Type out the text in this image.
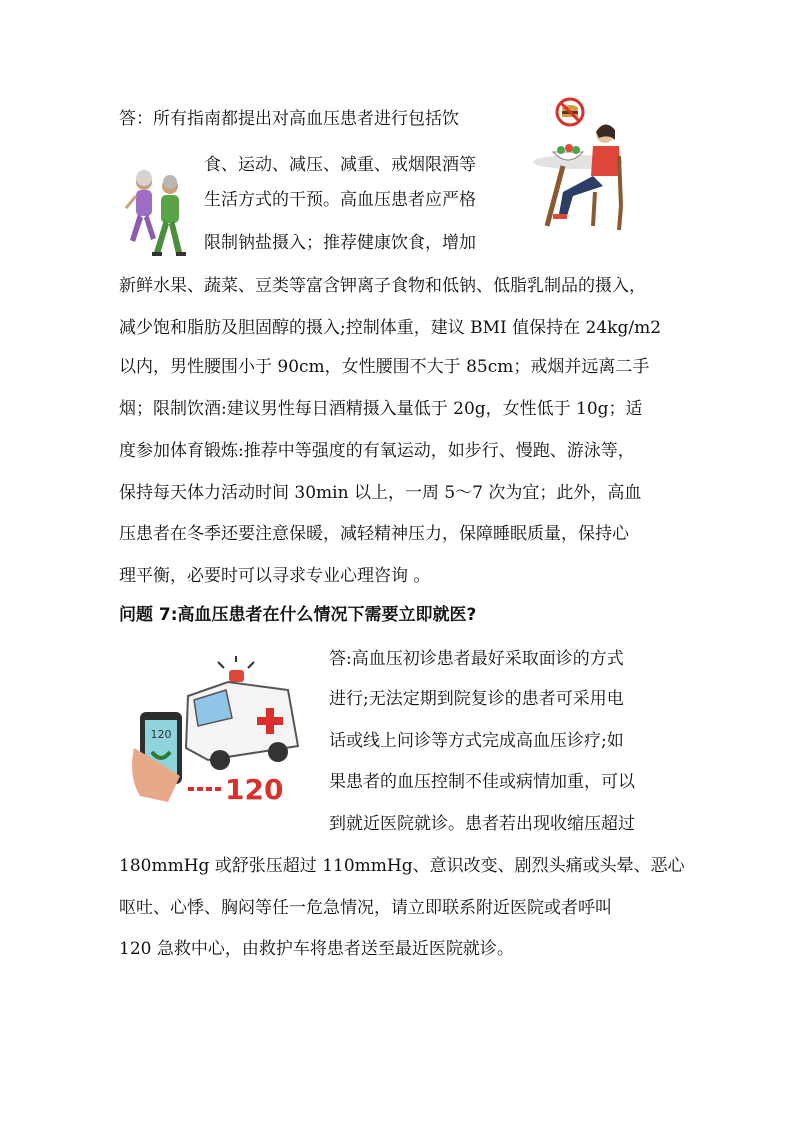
答：所有指南都提出对高血压患者进行包括饮
食、运动、减压、减重、戒烟限酒等
生活方式的干预。高血压患者应严格
限制钠盐摄入；推荐健康饮食，增加
新鲜水果、蔬菜、豆类等富含钾离子食物和低钠、低脂乳制品的摄入，
减少饱和脂肪及胆固醇的摄入;控制体重，建议 BMI 值保持在 24kg/m2
以内，男性腰围小于 90cm，女性腰围不大于 85cm；戒烟并远离二手
烟；限制饮酒:建议男性每日酒精摄入量低于 20g，女性低于 10g；适
度参加体育锻炼:推荐中等强度的有氧运动，如步行、慢跑、游泳等，
保持每天体力活动时间 30min 以上，一周 5～7 次为宜；此外，高血
压患者在冬季还要注意保暖，减轻精神压力，保障睡眠质量，保持心
理平衡，必要时可以寻求专业心理咨询 。
问题 7:高血压患者在什么情况下需要立即就医?
答:高血压初诊患者最好采取面诊的方式
进行;无法定期到院复诊的患者可采用电
话或线上问诊等方式完成高血压诊疗;如
果患者的血压控制不佳或病情加重，可以
到就近医院就诊。患者若出现收缩压超过
180mmHg 或舒张压超过 110mmHg、意识改变、剧烈头痛或头晕、恶心
呕吐、心悸、胸闷等任一危急情况，请立即联系附近医院或者呼叫
120 急救中心，由救护车将患者送至最近医院就诊。
120
120
